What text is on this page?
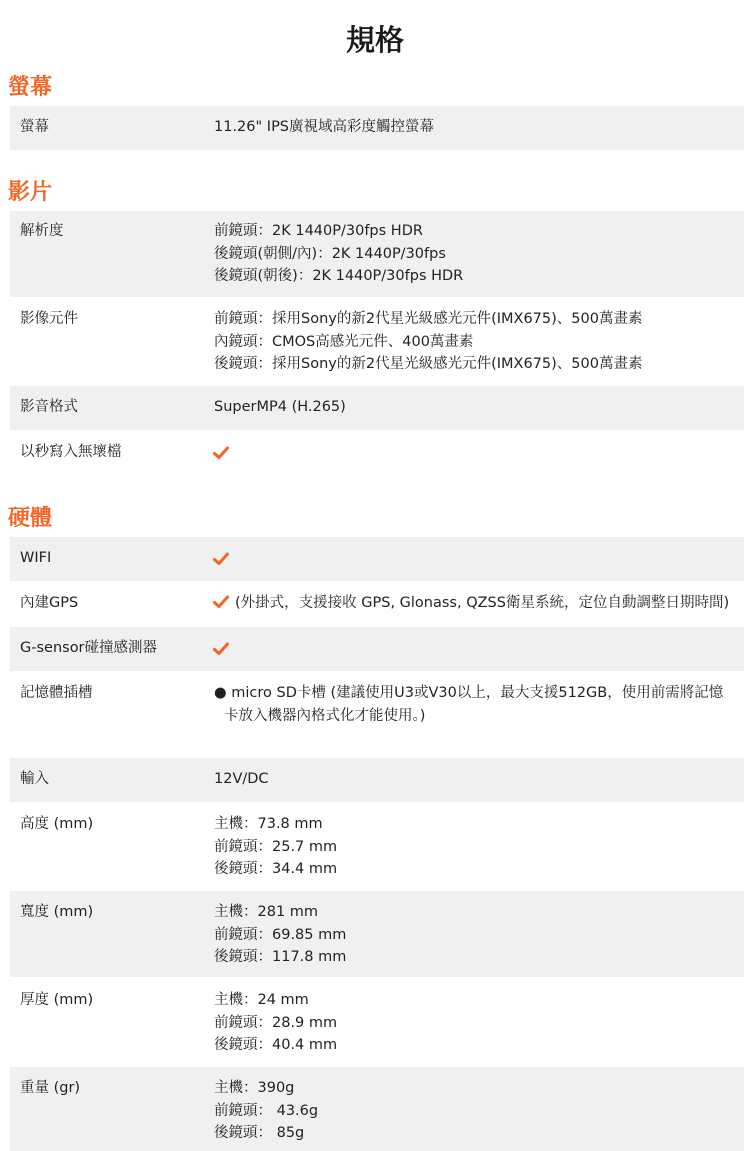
規格
螢幕
螢幕	11.26" IPS廣視域高彩度觸控螢幕
影片
解析度	前鏡頭：2K 1440P/30fps HDR
後鏡頭(朝側/內)：2K 1440P/30fps
後鏡頭(朝後)：2K 1440P/30fps HDR
影像元件	前鏡頭：採用Sony的新2代星光級感光元件(IMX675)、500萬畫素
內鏡頭：CMOS高感光元件、400萬畫素
後鏡頭：採用Sony的新2代星光級感光元件(IMX675)、500萬畫素
影音格式	SuperMP4 (H.265)
以秒寫入無壞檔
硬體
WIFI
內建GPS	(外掛式，支援接收 GPS, Glonass, QZSS衛星系統，定位自動調整日期時間)
G-sensor碰撞感測器
記憶體插槽	● micro SD卡槽 (建議使用U3或V30以上，最大支援512GB，使用前需將記憶
卡放入機器內格式化才能使用。)
輸入	12V/DC
高度 (mm)	主機：73.8 mm
前鏡頭：25.7 mm
後鏡頭：34.4 mm
寬度 (mm)	主機：281 mm
前鏡頭：69.85 mm
後鏡頭：117.8 mm
厚度 (mm)	主機：24 mm
前鏡頭：28.9 mm
後鏡頭：40.4 mm
重量 (gr)	主機：390g
前鏡頭： 43.6g
後鏡頭： 85g
